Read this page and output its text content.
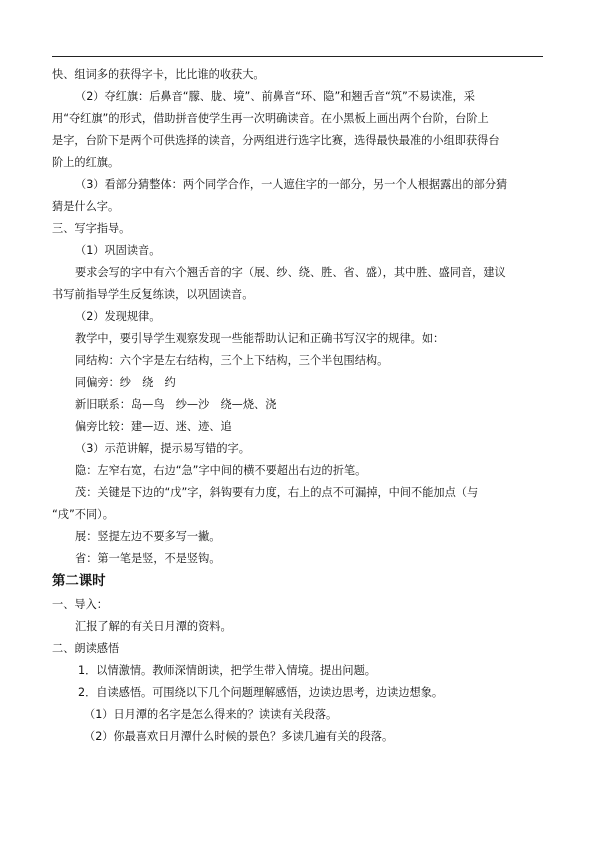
快、组词多的获得字卡，比比谁的收获大。
（2）夺红旗：后鼻音“朦、胧、境”、前鼻音“环、隐”和翘舌音“筑”不易读准，采
用“夺红旗”的形式，借助拼音使学生再一次明确读音。在小黑板上画出两个台阶，台阶上
是字，台阶下是两个可供选择的读音，分两组进行选字比赛，选得最快最准的小组即获得台
阶上的红旗。
（3）看部分猜整体：两个同学合作，一人遮住字的一部分，另一个人根据露出的部分猜
猜是什么字。
三、写字指导。
（1）巩固读音。
要求会写的字中有六个翘舌音的字（展、纱、绕、胜、省、盛），其中胜、盛同音，建议
书写前指导学生反复练读，以巩固读音。
（2）发现规律。
教学中，要引导学生观察发现一些能帮助认记和正确书写汉字的规律。如：
同结构：六个字是左右结构，三个上下结构，三个半包围结构。
同偏旁：纱　绕　约
新旧联系：岛—鸟　纱—沙　绕—烧、浇
偏旁比较：建—迈、迷、迹、追
（3）示范讲解，提示易写错的字。
隐：左窄右宽，右边“急”字中间的横不要超出右边的折笔。
茂：关键是下边的“戊”字，斜钩要有力度，右上的点不可漏掉，中间不能加点（与
“戌”不同）。
展：竖提左边不要多写一撇。
省：第一笔是竖，不是竖钩。
第二课时
一、导入：
汇报了解的有关日月潭的资料。
二、朗读感悟
1．以情激情。教师深情朗读，把学生带入情境。提出问题。
2．自读感悟。可围绕以下几个问题理解感悟，边读边思考，边读边想象。
（1）日月潭的名字是怎么得来的？读读有关段落。
（2）你最喜欢日月潭什么时候的景色？多读几遍有关的段落。
